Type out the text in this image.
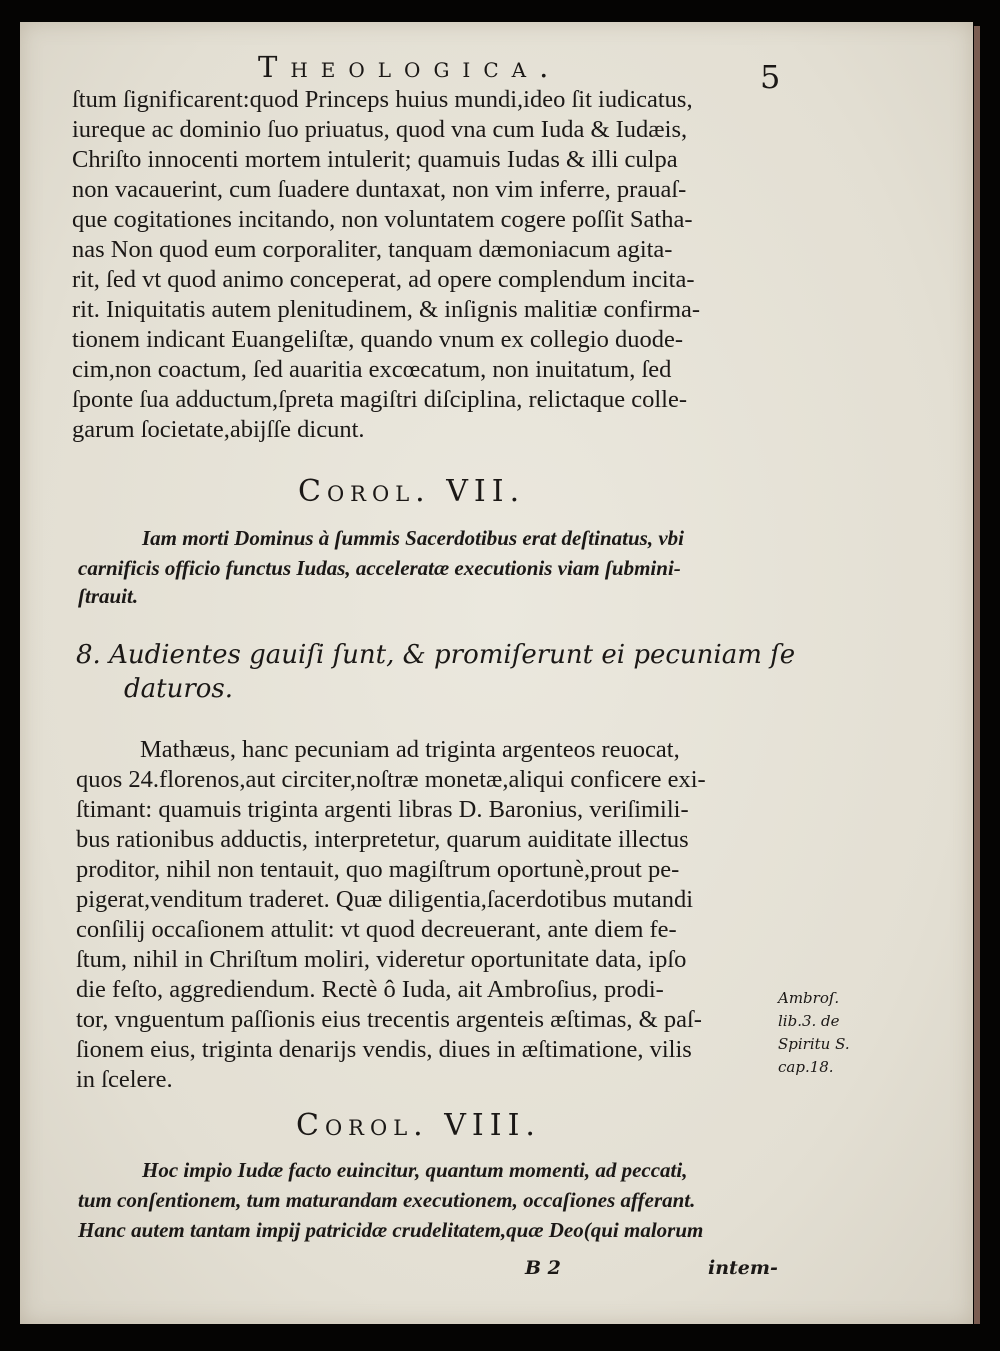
Theologica.	5
ſtum ſignificarent:quod Princeps huius mundi,ideo ſit iudicatus,
iureque ac dominio ſuo priuatus, quod vna cum Iuda & Iudæis,
Chriſto innocenti mortem intulerit; quamuis Iudas & illi culpa
non vacauerint, cum ſuadere duntaxat, non vim inferre, prauaſ-
que cogitationes incitando, non voluntatem cogere poſſit Satha-
nas Non quod eum corporaliter, tanquam dæmoniacum agita-
rit, ſed vt quod animo conceperat, ad opere complendum incita-
rit. Iniquitatis autem plenitudinem, & inſignis malitiæ confirma-
tionem indicant Euangeliſtæ, quando vnum ex collegio duode-
cim,non coactum, ſed auaritia excœcatum, non inuitatum, ſed
ſponte ſua adductum,ſpreta magiſtri diſciplina, relictaque colle-
garum ſocietate,abijſſe dicunt.
Corol. VII.
Iam morti Dominus à ſummis Sacerdotibus erat deſtinatus, vbi
carnificis officio functus Iudas, acceleratæ executionis viam ſubmini-
ſtrauit.
8. Audientes gauiſi ſunt, & promiſerunt ei pecuniam ſe
daturos.
Mathæus, hanc pecuniam ad triginta argenteos reuocat,
quos 24.florenos,aut circiter,noſtræ monetæ,aliqui conficere exi-
ſtimant: quamuis triginta argenti libras D. Baronius, veriſimili-
bus rationibus adductis, interpretetur, quarum auiditate illectus
proditor, nihil non tentauit, quo magiſtrum oportunè,prout pe-
pigerat,venditum traderet. Quæ diligentia,ſacerdotibus mutandi
conſilij occaſionem attulit: vt quod decreuerant, ante diem fe-
ſtum, nihil in Chriſtum moliri, videretur oportunitate data, ipſo
die feſto, aggrediendum. Rectè ô Iuda, ait Ambroſius, prodi-
tor, vnguentum paſſionis eius trecentis argenteis æſtimas, & paſ-
ſionem eius, triginta denarijs vendis, diues in æſtimatione, vilis
in ſcelere.
Ambroſ.
lib.3. de
Spiritu S.
cap.18.
Corol. VIII.
Hoc impio Iudæ facto euincitur, quantum momenti, ad peccati,
tum conſentionem, tum maturandam executionem, occaſiones afferant.
Hanc autem tantam impij patricidæ crudelitatem,quæ Deo(qui malorum
B 2	intem-
